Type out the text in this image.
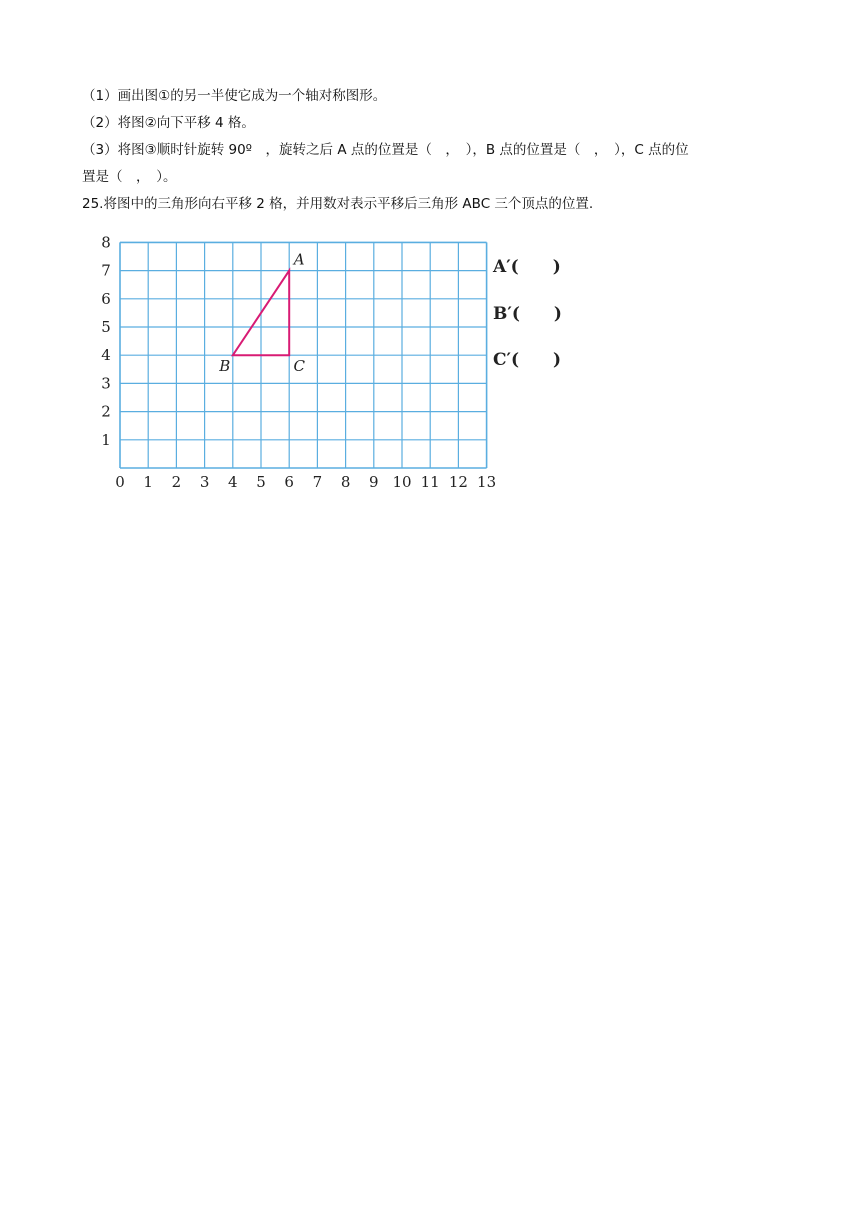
（1）画出图①的另一半使它成为一个轴对称图形。
（2）将图②向下平移 4 格。
（3）将图③顺时针旋转 90º　，旋转之后 A 点的位置是（　，　），B 点的位置是（　，　），C 点的位
置是（　，　）。
25.将图中的三角形向右平移 2 格，并用数对表示平移后三角形 ABC 三个顶点的位置.
0 1 2 3 4 5 6 7 8 9 10 11 12 13
1
2
3
4
5
6
7
8
A
B	C
A′(　　)
B′(　　)
C′(　　)
